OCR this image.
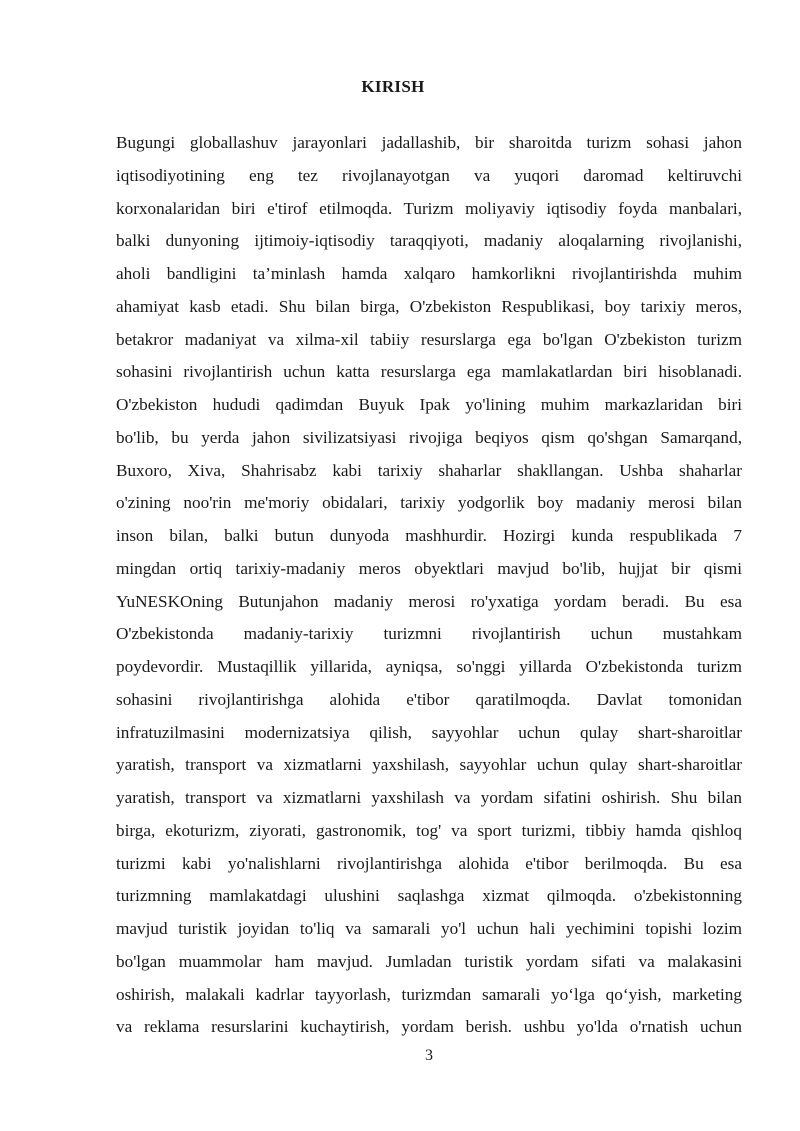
KIRISH
Bugungi globallashuv jarayonlari jadallashib, bir sharoitda turizm sohasi jahon
iqtisodiyotining eng tez rivojlanayotgan va yuqori daromad keltiruvchi
korxonalaridan biri e'tirof etilmoqda. Turizm moliyaviy iqtisodiy foyda manbalari,
balki dunyoning ijtimoiy-iqtisodiy taraqqiyoti, madaniy aloqalarning rivojlanishi,
aholi bandligini ta’minlash hamda xalqaro hamkorlikni rivojlantirishda muhim
ahamiyat kasb etadi. Shu bilan birga, O'zbekiston Respublikasi, boy tarixiy meros,
betakror madaniyat va xilma-xil tabiiy resurslarga ega bo'lgan O'zbekiston turizm
sohasini rivojlantirish uchun katta resurslarga ega mamlakatlardan biri hisoblanadi.
O'zbekiston hududi qadimdan Buyuk Ipak yo'lining muhim markazlaridan biri
bo'lib, bu yerda jahon sivilizatsiyasi rivojiga beqiyos qism qo'shgan Samarqand,
Buxoro, Xiva, Shahrisabz kabi tarixiy shaharlar shakllangan. Ushba shaharlar
o'zining noo'rin me'moriy obidalari, tarixiy yodgorlik boy madaniy merosi bilan
inson bilan, balki butun dunyoda mashhurdir. Hozirgi kunda respublikada 7
mingdan ortiq tarixiy-madaniy meros obyektlari mavjud bo'lib, hujjat bir qismi
YuNESKOning Butunjahon madaniy merosi ro'yxatiga yordam beradi. Bu esa
O'zbekistonda madaniy-tarixiy turizmni rivojlantirish uchun mustahkam
poydevordir. Mustaqillik yillarida, ayniqsa, so'nggi yillarda O'zbekistonda turizm
sohasini rivojlantirishga alohida e'tibor qaratilmoqda. Davlat tomonidan
infratuzilmasini modernizatsiya qilish, sayyohlar uchun qulay shart-sharoitlar
yaratish, transport va xizmatlarni yaxshilash, sayyohlar uchun qulay shart-sharoitlar
yaratish, transport va xizmatlarni yaxshilash va yordam sifatini oshirish. Shu bilan
birga, ekoturizm, ziyorati, gastronomik, tog' va sport turizmi, tibbiy hamda qishloq
turizmi kabi yo'nalishlarni rivojlantirishga alohida e'tibor berilmoqda. Bu esa
turizmning mamlakatdagi ulushini saqlashga xizmat qilmoqda. o'zbekistonning
mavjud turistik joyidan to'liq va samarali yo'l uchun hali yechimini topishi lozim
bo'lgan muammolar ham mavjud. Jumladan turistik yordam sifati va malakasini
oshirish, malakali kadrlar tayyorlash, turizmdan samarali yo‘lga qo‘yish, marketing
va reklama resurslarini kuchaytirish, yordam berish. ushbu yo'lda o'rnatish uchun
3
